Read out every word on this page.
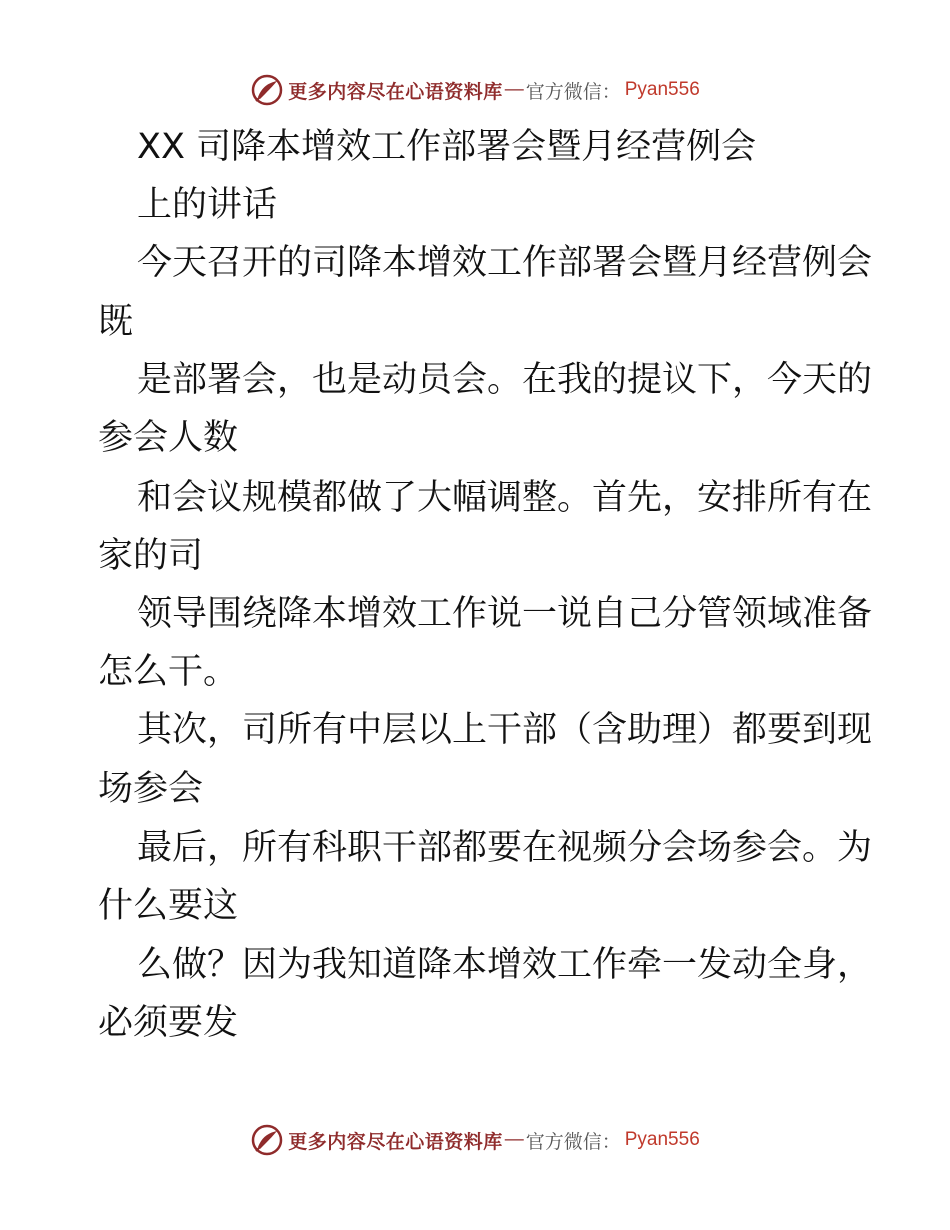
更多内容尽在心语资料库 — 官方微信： Pyan556
XX 司降本增效工作部署会暨月经营例会
上的讲话
今天召开的司降本增效工作部署会暨月经营例会
既
是部署会，也是动员会。在我的提议下，今天的
参会人数
和会议规模都做了大幅调整。首先，安排所有在
家的司
领导围绕降本增效工作说一说自己分管领域准备
怎么干。
其次，司所有中层以上干部（含助理）都要到现
场参会
最后，所有科职干部都要在视频分会场参会。为
什么要这
么做？因为我知道降本增效工作牵一发动全身，
必须要发
更多内容尽在心语资料库 — 官方微信： Pyan556
